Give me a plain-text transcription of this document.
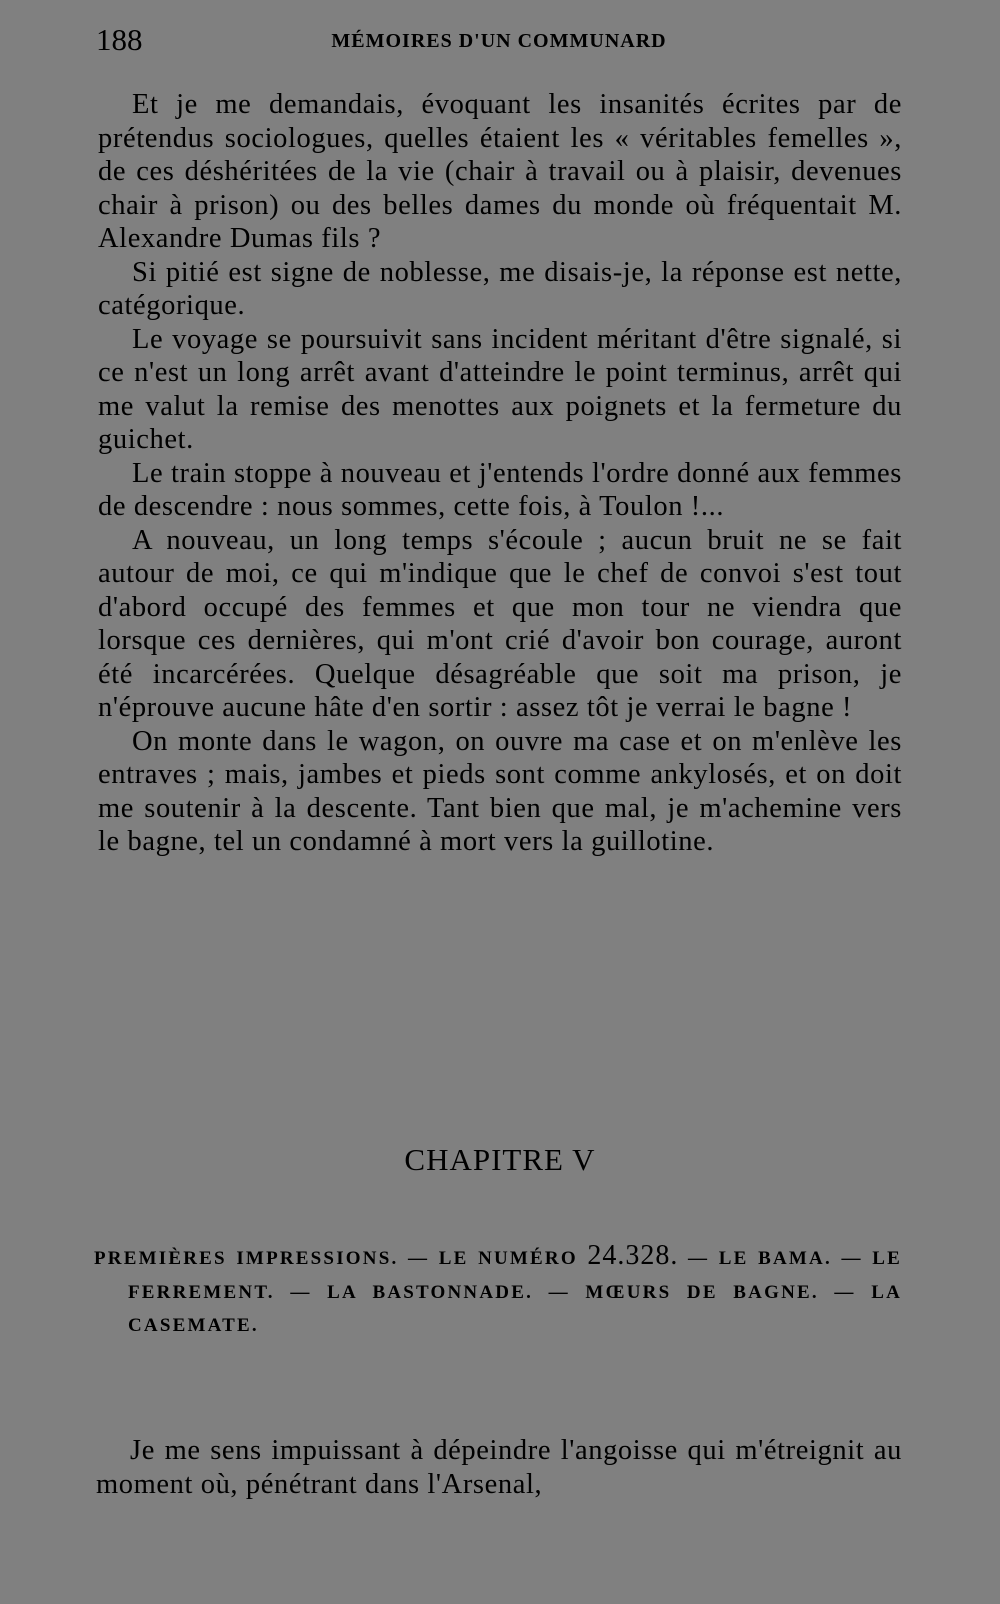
188	MÉMOIRES D'UN COMMUNARD

Et je me demandais, évoquant les insanités écrites par de prétendus sociologues, quelles étaient les « véritables femelles », de ces déshéritées de la vie (chair à travail ou à plaisir, devenues chair à prison) ou des belles dames du monde où fréquentait M. Alexandre Dumas fils ?

Si pitié est signe de noblesse, me disais-je, la réponse est nette, catégorique.

Le voyage se poursuivit sans incident méritant d'être signalé, si ce n'est un long arrêt avant d'atteindre le point terminus, arrêt qui me valut la remise des menottes aux poignets et la fermeture du guichet.

Le train stoppe à nouveau et j'entends l'ordre donné aux femmes de descendre : nous sommes, cette fois, à Toulon !...

A nouveau, un long temps s'écoule ; aucun bruit ne se fait autour de moi, ce qui m'indique que le chef de convoi s'est tout d'abord occupé des femmes et que mon tour ne viendra que lorsque ces dernières, qui m'ont crié d'avoir bon courage, auront été incarcérées. Quelque désagréable que soit ma prison, je n'éprouve aucune hâte d'en sortir : assez tôt je verrai le bagne !

On monte dans le wagon, on ouvre ma case et on m'enlève les entraves ; mais, jambes et pieds sont comme ankylosés, et on doit me soutenir à la descente. Tant bien que mal, je m'achemine vers le bagne, tel un condamné à mort vers la guillotine.

CHAPITRE V
PREMIÈRES IMPRESSIONS. — LE NUMÉRO 24.328. — LE BAMA. — LE FERREMENT. — LA BASTONNADE. — MŒURS DE BAGNE. — LA CASEMATE.

Je me sens impuissant à dépeindre l'angoisse qui m'étreignit au moment où, pénétrant dans l'Arsenal,
